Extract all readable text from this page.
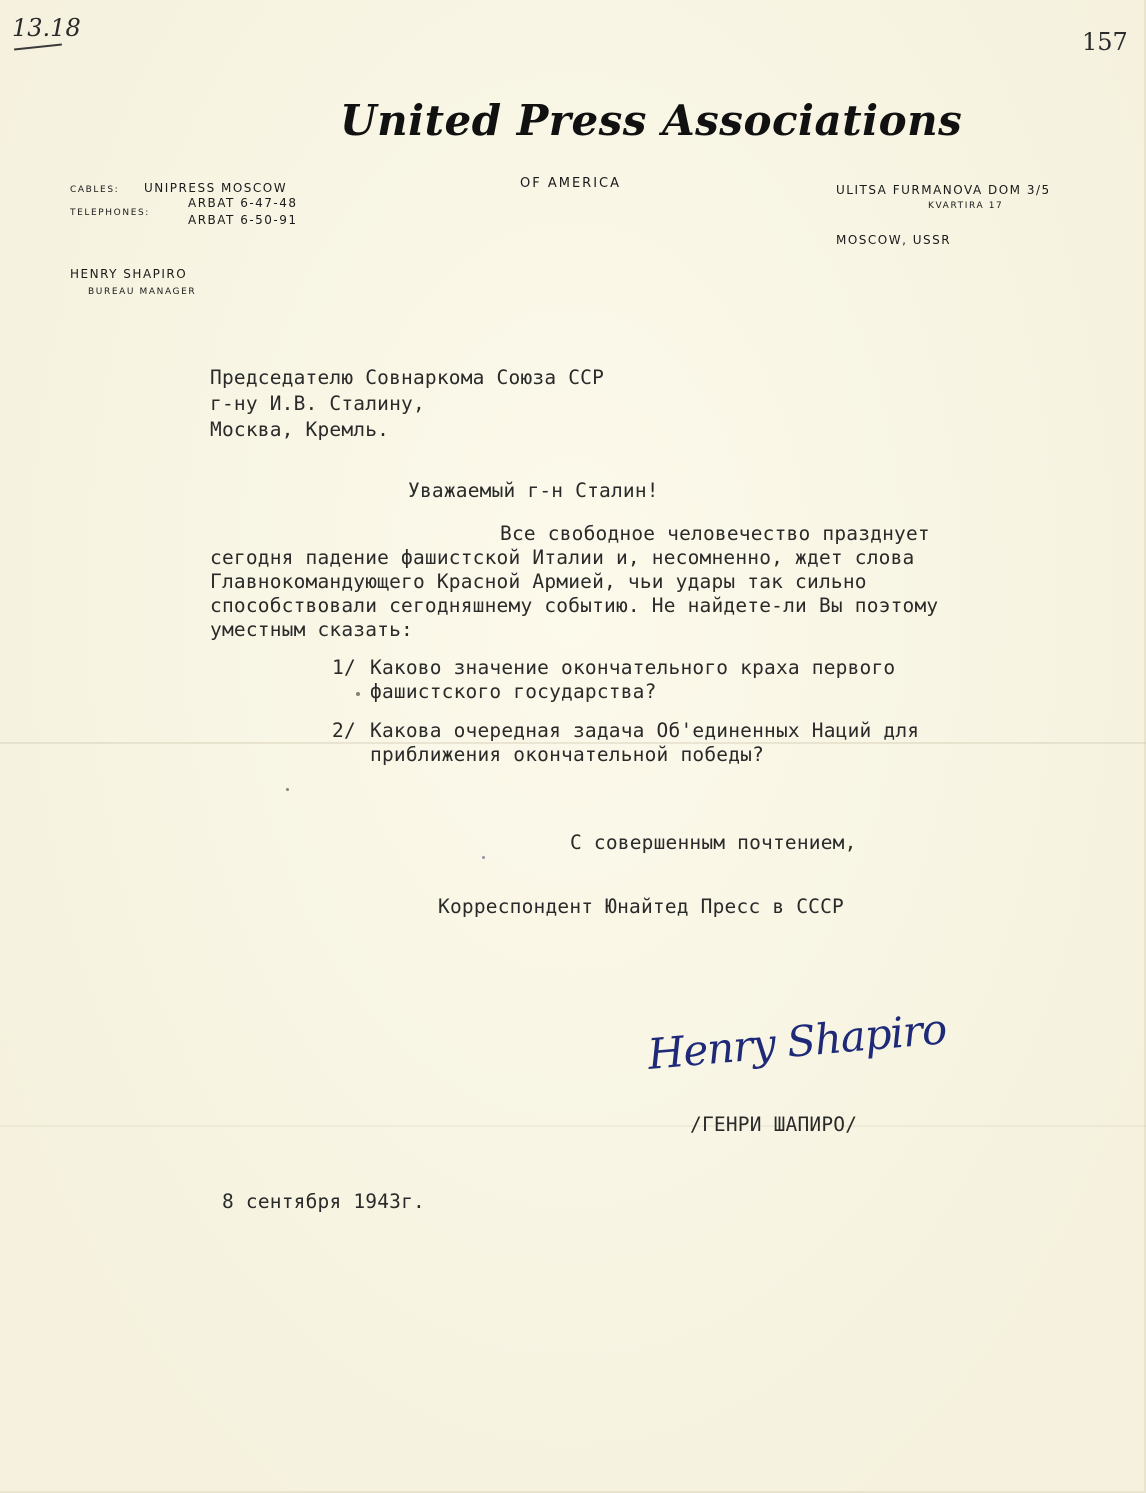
13.18	157
United Press Associations
OF AMERICA
CABLES: UNIPRESS MOSCOW
TELEPHONES:
ARBAT 6-47-48
ARBAT 6-50-91
ULITSA FURMANOVA DOM 3/5
KVARTIRA 17
MOSCOW, USSR
HENRY SHAPIRO
BUREAU MANAGER
Председателю Совнаркома Союза ССР
г-ну И.В. Сталину,
Москва, Кремль.
Уважаемый г-н Сталин!
Все свободное человечество празднует
сегодня падение фашистской Италии и, несомненно, ждет слова
Главнокомандующего Красной Армией, чьи удары так сильно
способствовали сегодняшнему событию. Не найдете-ли Вы поэтому
уместным сказать:
1/ Каково значение окончательного краха первого
фашистского государства?
2/ Какова очередная задача Об'единенных Наций для
приближения окончательной победы?
С совершенным почтением,
Корреспондент Юнайтед Пресс в СССР
/ГЕНРИ ШАПИРО/
8 сентября 1943г.
Henry Shapiro
